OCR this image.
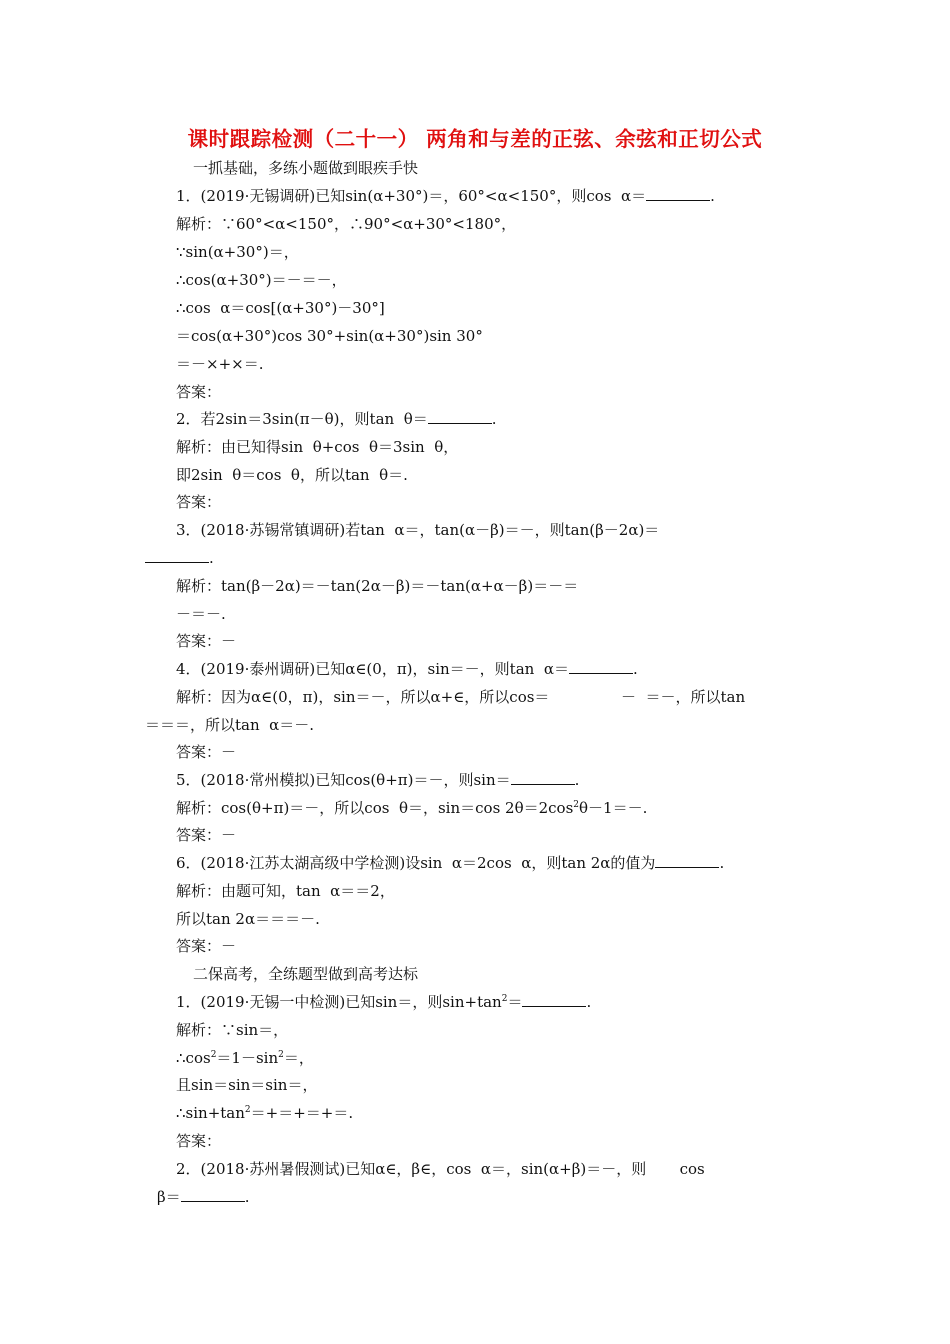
课时跟踪检测（二十一） 两角和与差的正弦、余弦和正切公式
一抓基础，多练小题做到眼疾手快
1．(2019·无锡调研)已知sin(α+30°)＝，60°<α<150°，则cos  α＝	.
解析：∵60°<α<150°，∴90°<α+30°<180°，
∵sin(α+30°)＝，
∴cos(α+30°)＝－＝－，
∴cos  α＝cos[(α+30°)－30°]
＝cos(α+30°)cos 30°+sin(α+30°)sin 30°
＝－×+×＝.
答案：
2．若2sin＝3sin(π－θ)，则tan  θ＝	.
解析：由已知得sin  θ+cos  θ＝3sin  θ，
即2sin  θ＝cos  θ，所以tan  θ＝.
答案：
3．(2018·苏锡常镇调研)若tan  α＝，tan(α－β)＝－，则tan(β－2α)＝
.
解析：tan(β－2α)＝－tan(2α－β)＝－tan(α+α－β)＝－＝
－＝－.
答案：－
4．(2019·泰州调研)已知α∈(0，π)，sin＝－，则tan  α＝	.
解析：因为α∈(0，π)，sin＝－，所以α+∈，所以cos＝               －  ＝－，所以tan
＝＝＝，所以tan  α＝－.
答案：－
5．(2018·常州模拟)已知cos(θ+π)＝－，则sin＝	.
解析：cos(θ+π)＝－，所以cos  θ＝，sin＝cos $2\theta=2\cos^2\theta-1=-$.
答案：－
6．(2018·江苏太湖高级中学检测)设sin  α＝2cos  α，则tan 2α的值为	.
解析：由题可知，tan  α＝＝2，
所以tan 2α＝＝＝－.
答案：－
二保高考，全练题型做到高考达标
1．(2019·无锡一中检测)已知sin＝，则$\sin+\tan^2=$	.
解析：∵sin＝，
$\therefore\cos^2=1-\sin^2=$，
且sin＝sin＝sin＝，
$\therefore\sin+\tan^2=+=+=+=$.
答案：
2．(2018·苏州暑假测试)已知α∈，β∈，cos  α＝，sin(α+β)＝－，则       cos
β＝	.
